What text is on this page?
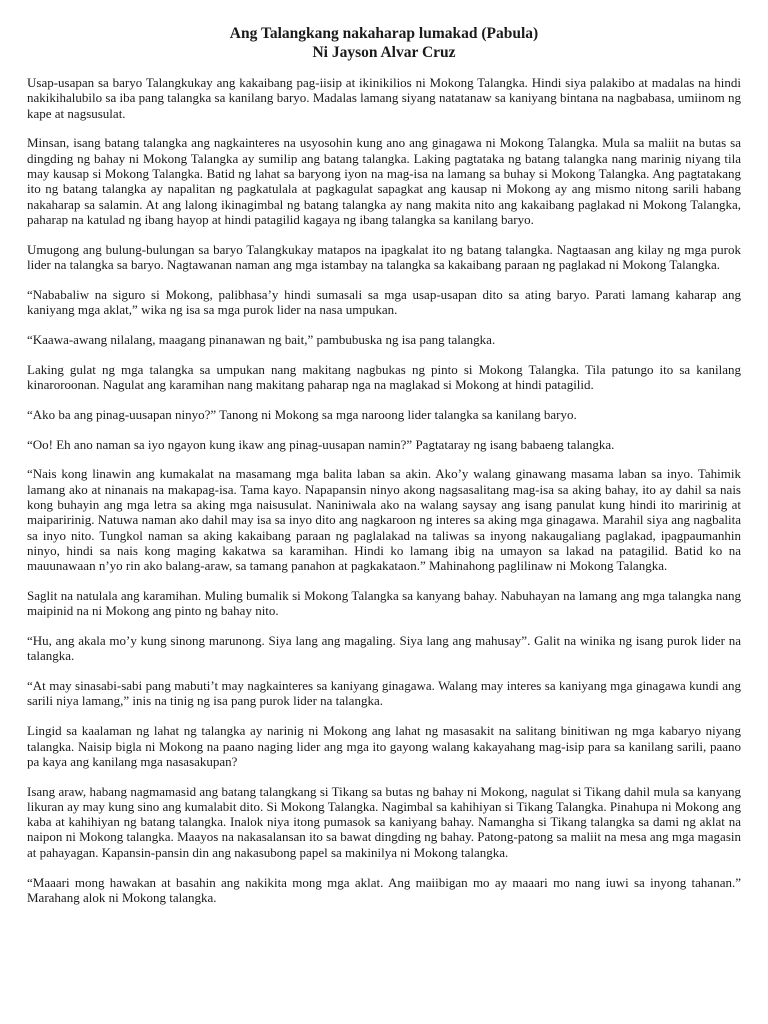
Ang Talangkang nakaharap lumakad (Pabula)
Ni Jayson Alvar Cruz

Usap-usapan sa baryo Talangkukay ang kakaibang pag-iisip at ikinikilios ni Mokong Talangka. Hindi siya palakibo at madalas na hindi nakikihalubilo sa iba pang talangka sa kanilang baryo. Madalas lamang siyang natatanaw sa kaniyang bintana na nagbabasa, umiinom ng kape at nagsusulat.

Minsan, isang batang talangka ang nagkainteres na usyosohin kung ano ang ginagawa ni Mokong Talangka. Mula sa maliit na butas sa dingding ng bahay ni Mokong Talangka ay sumilip ang batang talangka. Laking pagtataka ng batang talangka nang marinig niyang tila may kausap si Mokong Talangka. Batid ng lahat sa baryong iyon na mag-isa na lamang sa buhay si Mokong Talangka. Ang pagtatakang ito ng batang talangka ay napalitan ng pagkatulala at pagkagulat sapagkat ang kausap ni Mokong ay ang mismo nitong sarili habang nakaharap sa salamin. At ang lalong ikinagimbal ng batang talangka ay nang makita nito ang kakaibang paglakad ni Mokong Talangka, paharap na katulad ng ibang hayop at hindi patagilid kagaya ng ibang talangka sa kanilang baryo.

Umugong ang bulung-bulungan sa baryo Talangkukay matapos na ipagkalat ito ng batang talangka. Nagtaasan ang kilay ng mga purok lider na talangka sa baryo. Nagtawanan naman ang mga istambay na talangka sa kakaibang paraan ng paglakad ni Mokong Talangka.

“Nababaliw na siguro si Mokong, palibhasa’y hindi sumasali sa mga usap-usapan dito sa ating baryo. Parati lamang kaharap ang kaniyang mga aklat,” wika ng isa sa mga purok lider na nasa umpukan.

“Kaawa-awang nilalang, maagang pinanawan ng bait,” pambubuska ng isa pang talangka.

Laking gulat ng mga talangka sa umpukan nang makitang nagbukas ng pinto si Mokong Talangka. Tila patungo ito sa kanilang kinaroroonan. Nagulat ang karamihan nang makitang paharap nga na maglakad si Mokong at hindi patagilid.

“Ako ba ang pinag-uusapan ninyo?” Tanong ni Mokong sa mga naroong lider talangka sa kanilang baryo.

“Oo! Eh ano naman sa iyo ngayon kung ikaw ang pinag-uusapan namin?” Pagtataray ng isang babaeng talangka.

“Nais kong linawin ang kumakalat na masamang mga balita laban sa akin. Ako’y walang ginawang masama laban sa inyo. Tahimik lamang ako at ninanais na makapag-isa. Tama kayo. Napapansin ninyo akong nagsasalitang mag-isa sa aking bahay, ito ay dahil sa nais kong buhayin ang mga letra sa aking mga naisusulat. Naniniwala ako na walang saysay ang isang panulat kung hindi ito maririnig at maiparirinig. Natuwa naman ako dahil may isa sa inyo dito ang nagkaroon ng interes sa aking mga ginagawa. Marahil siya ang nagbalita sa inyo nito. Tungkol naman sa aking kakaibang paraan ng paglalakad na taliwas sa inyong nakaugaliang paglakad, ipagpaumanhin ninyo, hindi sa nais kong maging kakatwa sa karamihan. Hindi ko lamang ibig na umayon sa lakad na patagilid. Batid ko na mauunawaan n’yo rin ako balang-araw, sa tamang panahon at pagkakataon.” Mahinahong paglilinaw ni Mokong Talangka.

Saglit na natulala ang karamihan. Muling bumalik si Mokong Talangka sa kanyang bahay. Nabuhayan na lamang ang mga talangka nang maipinid na ni Mokong ang pinto ng bahay nito.

“Hu, ang akala mo’y kung sinong marunong. Siya lang ang magaling. Siya lang ang mahusay”. Galit na winika ng isang purok lider na talangka.

“At may sinasabi-sabi pang mabuti’t may nagkainteres sa kaniyang ginagawa. Walang may interes sa kaniyang mga ginagawa kundi ang sarili niya lamang,” inis na tinig ng isa pang purok lider na talangka.

Lingid sa kaalaman ng lahat ng talangka ay narinig ni Mokong ang lahat ng masasakit na salitang binitiwan ng mga kabaryo niyang talangka. Naisip bigla ni Mokong na paano naging lider ang mga ito gayong walang kakayahang mag-isip para sa kanilang sarili, paano pa kaya ang kanilang mga nasasakupan?

Isang araw, habang nagmamasid ang batang talangkang si Tikang sa butas ng bahay ni Mokong, nagulat si Tikang dahil mula sa kanyang likuran ay may kung sino ang kumalabit dito. Si Mokong Talangka. Nagimbal sa kahihiyan si Tikang Talangka. Pinahupa ni Mokong ang kaba at kahihiyan ng batang talangka. Inalok niya itong pumasok sa kaniyang bahay. Namangha si Tikang talangka sa dami ng aklat na naipon ni Mokong talangka. Maayos na nakasalansan ito sa bawat dingding ng bahay. Patong-patong sa maliit na mesa ang mga magasin at pahayagan. Kapansin-pansin din ang nakasubong papel sa makinilya ni Mokong talangka.

“Maaari mong hawakan at basahin ang nakikita mong mga aklat. Ang maiibigan mo ay maaari mo nang iuwi sa inyong tahanan.” Marahang alok ni Mokong talangka.
